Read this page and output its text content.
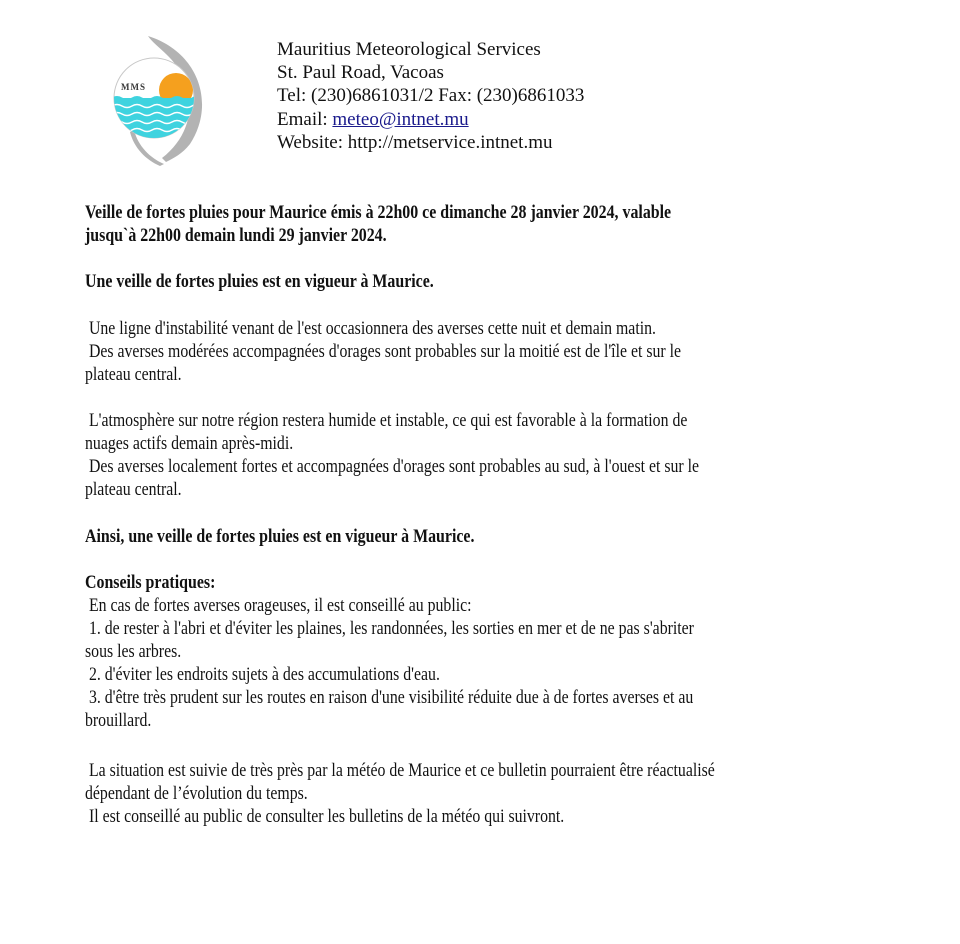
MMS
Mauritius Meteorological Services
St. Paul Road, Vacoas
Tel: (230)6861031/2 Fax: (230)6861033
Email: meteo@intnet.mu
Website: http://metservice.intnet.mu
Veille de fortes pluies pour Maurice émis à 22h00 ce dimanche 28 janvier 2024, valable
jusqu`à 22h00 demain lundi 29 janvier 2024.
Une veille de fortes pluies est en vigueur à Maurice.
Une ligne d'instabilité venant de l'est occasionnera des averses cette nuit et demain matin.
Des averses modérées accompagnées d'orages sont probables sur la moitié est de l'île et sur le
plateau central.
L'atmosphère sur notre région restera humide et instable, ce qui est favorable à la formation de
nuages actifs demain après-midi.
Des averses localement fortes et accompagnées d'orages sont probables au sud, à l'ouest et sur le
plateau central.
Ainsi, une veille de fortes pluies est en vigueur à Maurice.
Conseils pratiques:
En cas de fortes averses orageuses, il est conseillé au public:
1. de rester à l'abri et d'éviter les plaines, les randonnées, les sorties en mer et de ne pas s'abriter
sous les arbres.
2. d'éviter les endroits sujets à des accumulations d'eau.
3. d'être très prudent sur les routes en raison d'une visibilité réduite due à de fortes averses et au
brouillard.
La situation est suivie de très près par la météo de Maurice et ce bulletin pourraient être réactualisé
dépendant de l’évolution du temps.
Il est conseillé au public de consulter les bulletins de la météo qui suivront.
